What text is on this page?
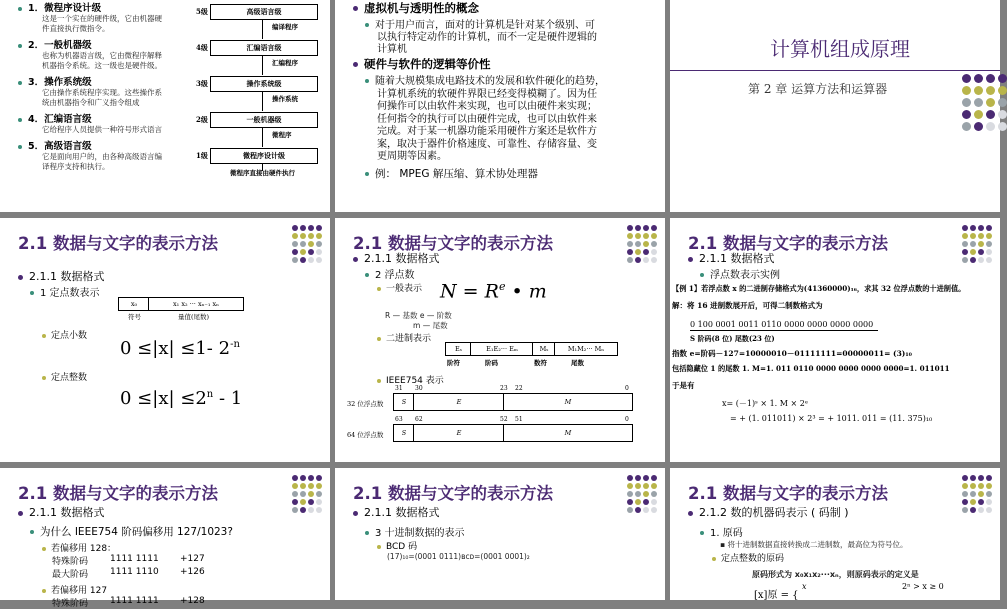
1．微程序设计级
这是一个实在的硬件级，它由机器硬
件直接执行微指令。
2．一般机器级
也称为机器语言级，它由微程序解释
机器指令系统。这一级也是硬件级。
3．操作系统级
它由操作系统程序实现。这些操作系
统由机器指令和广义指令组成
4．汇编语言级
它给程序人员提供一种符号形式语言
5．高级语言级
它是面向用户的，由各种高级语言编
译程序支持和执行。
5级	高级语言级
编译程序
4级	汇编语言级
汇编程序
3级	操作系统级
操作系统
2级	一般机器级
微程序
1级	微程序设计级
微程序直接由硬件执行
虚拟机与透明性的概念
对于用户而言，面对的计算机是针对某个级别、可
以执行特定动作的计算机，而不一定是硬件逻辑的
计算机
硬件与软件的逻辑等价性
随着大规模集成电路技术的发展和软件硬化的趋势，
计算机系统的软硬件界限已经变得模糊了。因为任
何操作可以由软件来实现，也可以由硬件来实现；
任何指令的执行可以由硬件完成，也可以由软件来
完成。对于某一机器功能采用硬件方案还是软件方
案，取决于器件价格速度、可靠性、存储容量、变
更周期等因素。
例： MPEG 解压缩、算术协处理器
计算机组成原理
第 2 章 运算方法和运算器
2.1 数据与文字的表示方法
2.1.1 数据格式
1 定点数表示
x₀	x₁ x₂ ··· xₙ₋₁ xₙ
符号	量值(尾数)
定点小数
0 ≤|x| ≤1- $2^{-n}$
定点整数
$0 \le|x| \le 2^n - 1$
2.1 数据与文字的表示方法
2.1.1 数据格式
2 浮点数
一般表示 $N = R^e$ • m
R — 基数 e — 阶数
m — 尾数
二进制表示
Eₛ	E₁E₂··· Eₘ	Mₛ	M₁M₂··· Mₙ
阶符	阶码	数符	尾数
IEEE754 表示
32 位浮点数
31 30	23 22	0
S	E	M
64 位浮点数
63 62	52 51	0
S	E	M
2.1 数据与文字的表示方法
2.1.1 数据格式
浮点数表示实例
【例 1】若浮点数 x 的二进制存储格式为(41360000)₁₆，求其 32 位浮点数的十进制值。
解：将 16 进制数展开后，可得二制数格式为
0 100 0001 0011 0110 0000 0000 0000 0000
S 阶码(8 位) 尾数(23 位)
指数 e=阶码－127=10000010－01111111=00000011= (3)₁₀
包括隐藏位 1 的尾数 1. M=1. 011 0110 0000 0000 0000 0000=1. 011011
于是有
x= (－1)ˢ × 1. M × 2ᵉ
= + (1. 011011) × 2³ = + 1011. 011 = (11. 375)₁₀
2.1 数据与文字的表示方法
2.1.1 数据格式
为什么 IEEE754 阶码偏移用 127/1023?
若偏移用 128：
特殊阶码 1111 1111 +127
最大阶码 1111 1110 +126
若偏移用 127
特殊阶码 1111 1111 +128
2.1 数据与文字的表示方法
2.1.1 数据格式
3 十进制数据的表示
BCD 码
(17)₁₀=(0001 0111)ʙᴄᴅ=(0001 0001)₂
2.1 数据与文字的表示方法
2.1.2 数的机器码表示 ( 码制 )
1. 原码
▪ 将十进制数据直接转换成二进制数，最高位为符号位。
定点整数的原码
原码形式为 x₀x₁x₂···xₙ，则原码表示的定义是
[x]原 = {
x	2ⁿ > x ≥ 0
